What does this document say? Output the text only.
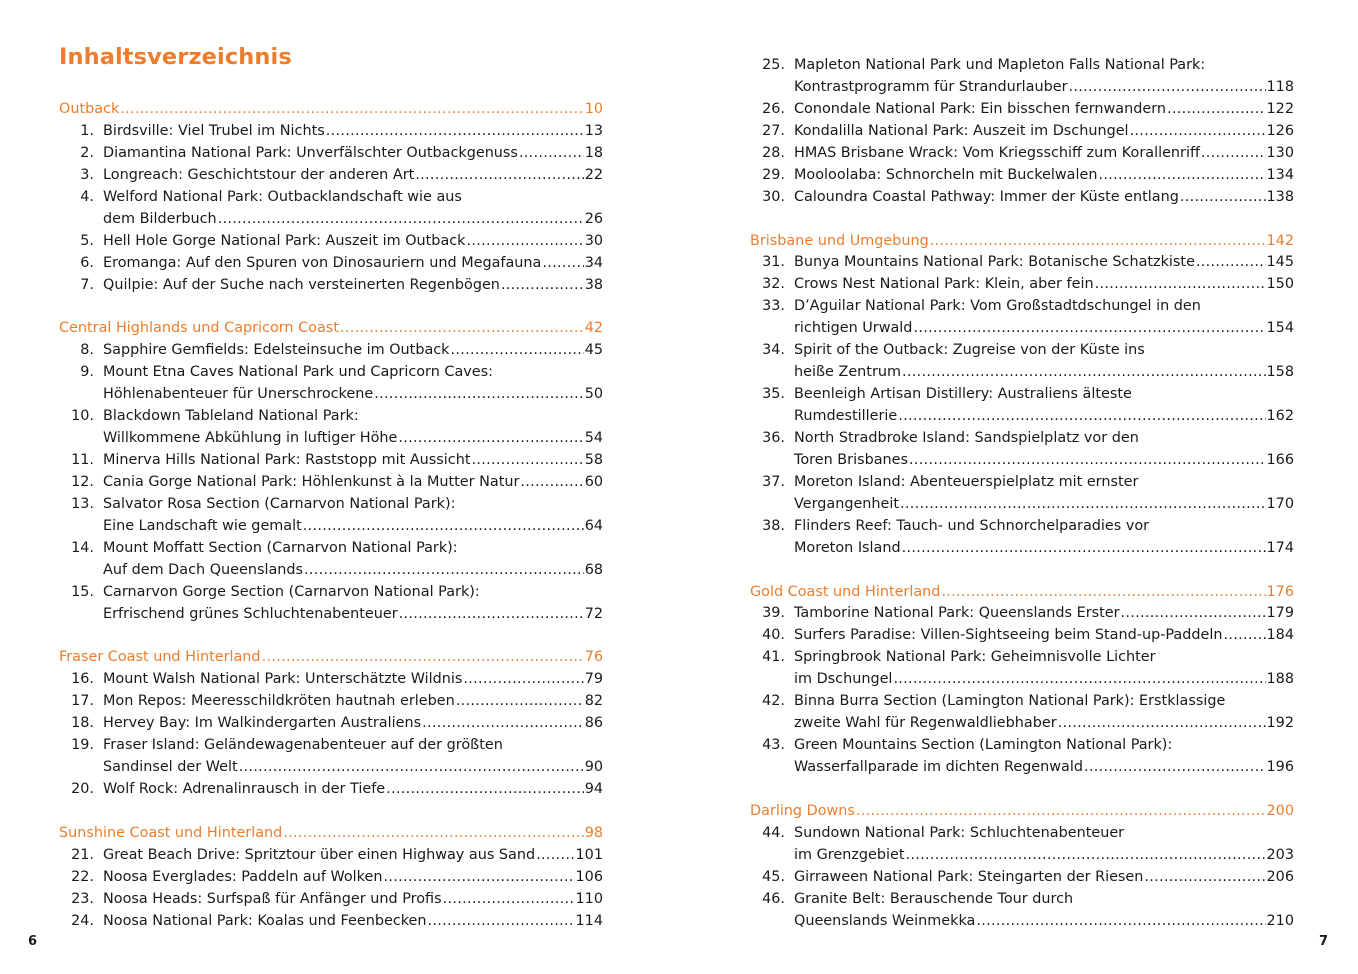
Inhaltsverzeichnis
Outback .....	10
1. Birdsville: Viel Trubel im Nichts .....	13
2. Diamantina National Park: Unverfälschter Outbackgenuss .....	18
3. Longreach: Geschichtstour der anderen Art .....	22
4. Welford National Park: Outbacklandschaft wie aus
dem Bilderbuch .....	26
5. Hell Hole Gorge National Park: Auszeit im Outback .....	30
6. Eromanga: Auf den Spuren von Dinosauriern und Megafauna .....	34
7. Quilpie: Auf der Suche nach versteinerten Regenbögen .....	38
Central Highlands und Capricorn Coast .....	42
8. Sapphire Gemfields: Edelsteinsuche im Outback .....	45
9. Mount Etna Caves National Park und Capricorn Caves:
Höhlenabenteuer für Unerschrockene .....	50
10. Blackdown Tableland National Park:
Willkommene Abkühlung in luftiger Höhe .....	54
11. Minerva Hills National Park: Raststopp mit Aussicht .....	58
12. Cania Gorge National Park: Höhlenkunst à la Mutter Natur .....	60
13. Salvator Rosa Section (Carnarvon National Park):
Eine Landschaft wie gemalt .....	64
14. Mount Moffatt Section (Carnarvon National Park):
Auf dem Dach Queenslands .....	68
15. Carnarvon Gorge Section (Carnarvon National Park):
Erfrischend grünes Schluchtenabenteuer .....	72
Fraser Coast und Hinterland .....	76
16. Mount Walsh National Park: Unterschätzte Wildnis .....	79
17. Mon Repos: Meeresschildkröten hautnah erleben .....	82
18. Hervey Bay: Im Walkindergarten Australiens .....	86
19. Fraser Island: Geländewagenabenteuer auf der größten
Sandinsel der Welt .....	90
20. Wolf Rock: Adrenalinrausch in der Tiefe .....	94
Sunshine Coast und Hinterland .....	98
21. Great Beach Drive: Spritztour über einen Highway aus Sand .....	101
22. Noosa Everglades: Paddeln auf Wolken .....	106
23. Noosa Heads: Surfspaß für Anfänger und Profis .....	110
24. Noosa National Park: Koalas und Feenbecken .....	114
6
25. Mapleton National Park und Mapleton Falls National Park:
Kontrastprogramm für Strandurlauber .....	118
26. Conondale National Park: Ein bisschen fernwandern .....	122
27. Kondalilla National Park: Auszeit im Dschungel .....	126
28. HMAS Brisbane Wrack: Vom Kriegsschiff zum Korallenriff .....	130
29. Mooloolaba: Schnorcheln mit Buckelwalen .....	134
30. Caloundra Coastal Pathway: Immer der Küste entlang .....	138
Brisbane und Umgebung .....	142
31. Bunya Mountains National Park: Botanische Schatzkiste .....	145
32. Crows Nest National Park: Klein, aber fein .....	150
33. D’Aguilar National Park: Vom Großstadtdschungel in den
richtigen Urwald .....	154
34. Spirit of the Outback: Zugreise von der Küste ins
heiße Zentrum .....	158
35. Beenleigh Artisan Distillery: Australiens älteste
Rumdestillerie .....	162
36. North Stradbroke Island: Sandspielplatz vor den
Toren Brisbanes .....	166
37. Moreton Island: Abenteuerspielplatz mit ernster
Vergangenheit .....	170
38. Flinders Reef: Tauch- und Schnorchelparadies vor
Moreton Island .....	174
Gold Coast und Hinterland .....	176
39. Tamborine National Park: Queenslands Erster .....	179
40. Surfers Paradise: Villen-Sightseeing beim Stand-up-Paddeln .....	184
41. Springbrook National Park: Geheimnisvolle Lichter
im Dschungel .....	188
42. Binna Burra Section (Lamington National Park): Erstklassige
zweite Wahl für Regenwaldliebhaber .....	192
43. Green Mountains Section (Lamington National Park):
Wasserfallparade im dichten Regenwald .....	196
Darling Downs .....	200
44. Sundown National Park: Schluchtenabenteuer
im Grenzgebiet .....	203
45. Girraween National Park: Steingarten der Riesen .....	206
46. Granite Belt: Berauschende Tour durch
Queenslands Weinmekka .....	210
7
